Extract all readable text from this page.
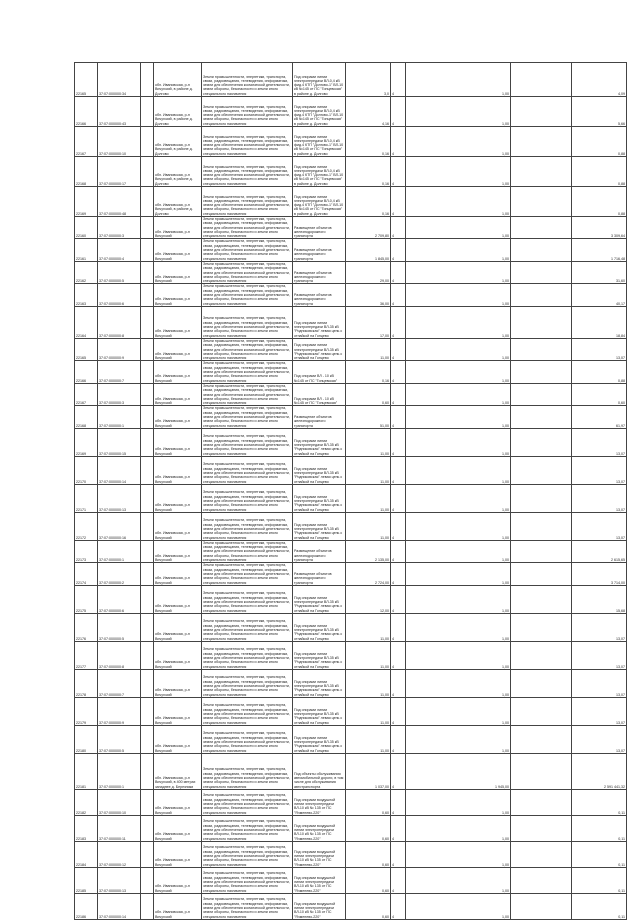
22165	37:07:000000:34		обл. Ивановская, р-н Вичугский, в районе д. Долгово	Земли промышленности, энергетики, транспорта, связи, радиовещания, телевидения, информатики, земли для обеспечения космической деятельности, земли обороны, безопасности и земли иного специального назначения	Под опорами линии электропередачи ВЛ-0,4 кВ фид.4 КТП "Долгово-1" ВЛ-10 кВ №145 от ПС "Гонцевская" в районе д. Долгово	3,0	4	1,00		4,09
22166	37:07:000000:43		обл. Ивановская, р-н Вичугский, в районе д. Долгово	Земли промышленности, энергетики, транспорта, связи, радиовещания, телевидения, информатики, земли для обеспечения космической деятельности, земли обороны, безопасности и земли иного специального назначения	Под опорами линии электропередачи ВЛ-0,4 кВ фид.4 КТП "Долгово-1" ВЛ-10 кВ №145 от ПС "Гонцевская" в районе д. Долгово	4,16	4	1,00		5,66
22167	37:07:000000:10		обл. Ивановская, р-н Вичугский, в районе д. Долгово	Земли промышленности, энергетики, транспорта, связи, радиовещания, телевидения, информатики, земли для обеспечения космической деятельности, земли обороны, безопасности и земли иного специального назначения	Под опорами линии электропередачи ВЛ-0,4 кВ фид.4 КТП "Долгово-1" ВЛ-10 кВ №145 от ПС "Гонцевская" в районе д. Долгово	0,16	4	1,00		0,88
22168	37:07:000000:17		обл. Ивановская, р-н Вичугский, в районе д. Долгово	Земли промышленности, энергетики, транспорта, связи, радиовещания, телевидения, информатики, земли для обеспечения космической деятельности, земли обороны, безопасности и земли иного специального назначения	Под опорами линии электропередачи ВЛ-0,4 кВ фид.4 КТП "Долгово-1" ВЛ-10 кВ №145 от ПС "Гонцевская" в районе д. Долгово	0,16	4	1,00		0,88
22169	37:07:000000:48		обл. Ивановская, р-н Вичугский, в районе д. Долгово	Земли промышленности, энергетики, транспорта, связи, радиовещания, телевидения, информатики, земли для обеспечения космической деятельности, земли обороны, безопасности и земли иного специального назначения	Под опорами линии электропередачи ВЛ-0,4 кВ фид.4 КТП "Долгово-1" ВЛ-10 кВ №145 от ПС "Гонцевская" в районе д. Долгово	0,16	4	1,00		0,88
22160	37:07:000000:3		обл. Ивановская, р-н Вичугский	Земли промышленности, энергетики, транспорта, связи, радиовещания, телевидения, информатики, земли для обеспечения космической деятельности, земли обороны, безопасности и земли иного специального назначения	Размещение объектов железнодорожного транспорта	2 709,80	4	1,00		3 309,64
22161	37:07:000000:4		обл. Ивановская, р-н Вичугский	Земли промышленности, энергетики, транспорта, связи, радиовещания, телевидения, информатики, земли для обеспечения космической деятельности, земли обороны, безопасности и земли иного специального назначения	Размещение объектов железнодорожного транспорта	1 845,00	4	1,00		1 716,48
22162	37:07:000000:5		обл. Ивановская, р-н Вичугский	Земли промышленности, энергетики, транспорта, связи, радиовещания, телевидения, информатики, земли для обеспечения космической деятельности, земли обороны, безопасности и земли иного специального назначения	Размещение объектов железнодорожного транспорта	29,00	4	1,00		31,60
22163	37:07:000000:6		обл. Ивановская, р-н Вичугский	Земли промышленности, энергетики, транспорта, связи, радиовещания, телевидения, информатики, земли для обеспечения космической деятельности, земли обороны, безопасности и земли иного специального назначения	Размещение объектов железнодорожного транспорта	36,00	4	1,00		40,17
22164	37:07:000000:8		обл. Ивановская, р-н Вичугский	Земли промышленности, энергетики, транспорта, связи, радиовещания, телевидения, информатики, земли для обеспечения космической деятельности, земли обороны, безопасности и земли иного специального назначения	Под опорами линии электропередачи ВЛ-35 кВ "Родниковская" левая цепь с отпайкой на Гонцево	17,00	4	1,00		18,84
22165	37:07:000000:9		обл. Ивановская, р-н Вичугский	Земли промышленности, энергетики, транспорта, связи, радиовещания, телевидения, информатики, земли для обеспечения космической деятельности, земли обороны, безопасности и земли иного специального назначения	Под опорами линии электропередачи ВЛ-35 кВ "Родниковская" левая цепь с отпайкой на Гонцево	11,00	4	1,00		13,07
22166	37:07:000000:7		обл. Ивановская, р-н Вичугский	Земли промышленности, энергетики, транспорта, связи, радиовещания, телевидения, информатики, земли для обеспечения космической деятельности, земли обороны, безопасности и земли иного специального назначения	Под опорами ВЛ - 10 кВ №145 от ПС "Гонцевская"	0,16	4	1,00		0,88
22167	37:07:000000:3		обл. Ивановская, р-н Вичугский	Земли промышленности, энергетики, транспорта, связи, радиовещания, телевидения, информатики, земли для обеспечения космической деятельности, земли обороны, безопасности и земли иного специального назначения	Под опорами ВЛ - 10 кВ №145 от ПС "Гонцевская"	0,60	4	1,00		0,60
22168	37:07:000000:1		обл. Ивановская, р-н Вичугский	Земли промышленности, энергетики, транспорта, связи, радиовещания, телевидения, информатики, земли для обеспечения космической деятельности, земли обороны, безопасности и земли иного специального назначения	Размещение объектов железнодорожного транспорта	51,00	4	1,00		61,97
22169	37:07:000000:15		обл. Ивановская, р-н Вичугский	Земли промышленности, энергетики, транспорта, связи, радиовещания, телевидения, информатики, земли для обеспечения космической деятельности, земли обороны, безопасности и земли иного специального назначения	Под опорами линии электропередачи ВЛ-35 кВ "Родниковская" левая цепь с отпайкой на Гонцево	11,00	4	1,00		13,07
22170	37:07:000000:14		обл. Ивановская, р-н Вичугский	Земли промышленности, энергетики, транспорта, связи, радиовещания, телевидения, информатики, земли для обеспечения космической деятельности, земли обороны, безопасности и земли иного специального назначения	Под опорами линии электропередачи ВЛ-35 кВ "Родниковская" левая цепь с отпайкой на Гонцево	11,00	4	1,00		13,07
22171	37:07:000000:13		обл. Ивановская, р-н Вичугский	Земли промышленности, энергетики, транспорта, связи, радиовещания, телевидения, информатики, земли для обеспечения космической деятельности, земли обороны, безопасности и земли иного специального назначения	Под опорами линии электропередачи ВЛ-35 кВ "Родниковская" левая цепь с отпайкой на Гонцево	11,00	4	1,00		13,07
22172	37:07:000000:16		обл. Ивановская, р-н Вичугский	Земли промышленности, энергетики, транспорта, связи, радиовещания, телевидения, информатики, земли для обеспечения космической деятельности, земли обороны, безопасности и земли иного специального назначения	Под опорами линии электропередачи ВЛ-35 кВ "Родниковская" левая цепь с отпайкой на Гонцево	11,00	4	1,00		13,07
22173	37:07:000000:1		обл. Ивановская, р-н Вичугский	Земли промышленности, энергетики, транспорта, связи, радиовещания, телевидения, информатики, земли для обеспечения космической деятельности, земли обороны, безопасности и земли иного специального назначения	Размещение объектов железнодорожного транспорта	2 135,00	4	1,00		2 615,65
22174	37:07:000000:2		обл. Ивановская, р-н Вичугский	Земли промышленности, энергетики, транспорта, связи, радиовещания, телевидения, информатики, земли для обеспечения космической деятельности, земли обороны, безопасности и земли иного специального назначения	Размещение объектов железнодорожного транспорта	2 724,00	4	1,00		3 714,00
22175	37:07:000000:6		обл. Ивановская, р-н Вичугский	Земли промышленности, энергетики, транспорта, связи, радиовещания, телевидения, информатики, земли для обеспечения космической деятельности, земли обороны, безопасности и земли иного специального назначения	Под опорами линии электропередачи ВЛ-35 кВ "Родниковская" левая цепь с отпайкой на Гонцево	12,00	4	1,00		15,68
22176	37:07:000000:5		обл. Ивановская, р-н Вичугский	Земли промышленности, энергетики, транспорта, связи, радиовещания, телевидения, информатики, земли для обеспечения космической деятельности, земли обороны, безопасности и земли иного специального назначения	Под опорами линии электропередачи ВЛ-35 кВ "Родниковская" левая цепь с отпайкой на Гонцево	11,00	4	1,00		13,07
22177	37:07:000000:8		обл. Ивановская, р-н Вичугский	Земли промышленности, энергетики, транспорта, связи, радиовещания, телевидения, информатики, земли для обеспечения космической деятельности, земли обороны, безопасности и земли иного специального назначения	Под опорами линии электропередачи ВЛ-35 кВ "Родниковская" левая цепь с отпайкой на Гонцево	11,00	4	1,00		13,07
22178	37:07:000000:7		обл. Ивановская, р-н Вичугский	Земли промышленности, энергетики, транспорта, связи, радиовещания, телевидения, информатики, земли для обеспечения космической деятельности, земли обороны, безопасности и земли иного специального назначения	Под опорами линии электропередачи ВЛ-35 кВ "Родниковская" левая цепь с отпайкой на Гонцево	11,00	4	1,00		13,07
22179	37:07:000000:9		обл. Ивановская, р-н Вичугский	Земли промышленности, энергетики, транспорта, связи, радиовещания, телевидения, информатики, земли для обеспечения космической деятельности, земли обороны, безопасности и земли иного специального назначения	Под опорами линии электропередачи ВЛ-35 кВ "Родниковская" левая цепь с отпайкой на Гонцево	11,00	4	1,00		13,07
22180	37:07:000000:5		обл. Ивановская, р-н Вичугский	Земли промышленности, энергетики, транспорта, связи, радиовещания, телевидения, информатики, земли для обеспечения космической деятельности, земли обороны, безопасности и земли иного специального назначения	Под опорами линии электропередачи ВЛ-35 кВ "Родниковская" левая цепь с отпайкой на Гонцево	11,00	4	1,00		13,07
22181	37:07:000000:1		обл. Ивановская, р-н Вичугский, в 400 метрах западнее д. Березники	Земли промышленности, энергетики, транспорта, связи, радиовещания, телевидения, информатики, земли для обеспечения космической деятельности, земли обороны, безопасности и земли иного специального назначения	Под объекты обслуживания автомобильной дороги, в том числе для обслуживания автотранспорта	1 037,00	4	1 945,00		2 591 441,32
22182	37:07:000000:10		обл. Ивановская, р-н Вичугский	Земли промышленности, энергетики, транспорта, связи, радиовещания, телевидения, информатики, земли для обеспечения космической деятельности, земли обороны, безопасности и земли иного специального назначения	Под опорами воздушной линии электропередачи ВЛ-10 кВ № 135 от ПС "Ячменево-220"	0,60	4	1,00		0,11
22183	37:07:000000:11		обл. Ивановская, р-н Вичугский	Земли промышленности, энергетики, транспорта, связи, радиовещания, телевидения, информатики, земли для обеспечения космической деятельности, земли обороны, безопасности и земли иного специального назначения	Под опорами воздушной линии электропередачи ВЛ-10 кВ № 135 от ПС "Ячменево-220"	0,60	4	1,00		0,11
22184	37:07:000000:12		обл. Ивановская, р-н Вичугский	Земли промышленности, энергетики, транспорта, связи, радиовещания, телевидения, информатики, земли для обеспечения космической деятельности, земли обороны, безопасности и земли иного специального назначения	Под опорами воздушной линии электропередачи ВЛ-10 кВ № 135 от ПС "Ячменево-220"	0,60	4	1,00		0,11
22185	37:07:000000:13		обл. Ивановская, р-н Вичугский	Земли промышленности, энергетики, транспорта, связи, радиовещания, телевидения, информатики, земли для обеспечения космической деятельности, земли обороны, безопасности и земли иного специального назначения	Под опорами воздушной линии электропередачи ВЛ-10 кВ № 135 от ПС "Ячменево-220"	0,60	4	1,00		0,11
22186	37:07:000000:14		обл. Ивановская, р-н Вичугский	Земли промышленности, энергетики, транспорта, связи, радиовещания, телевидения, информатики, земли для обеспечения космической деятельности, земли обороны, безопасности и земли иного специального назначения	Под опорами воздушной линии электропередачи ВЛ-10 кВ № 135 от ПС "Ячменево-220"	0,60	4	1,00		0,11
